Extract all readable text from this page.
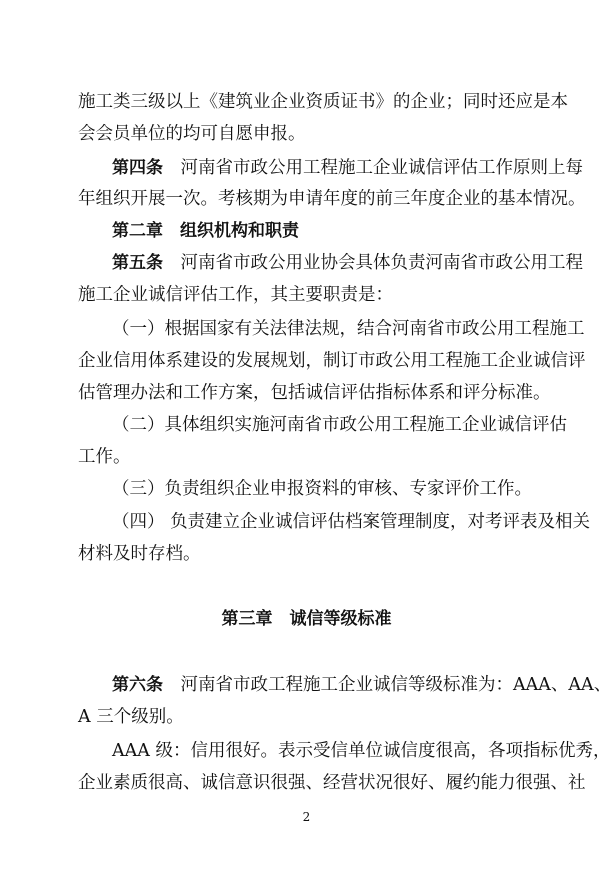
施工类三级以上《建筑业企业资质证书》的企业；同时还应是本
会会员单位的均可自愿申报。
第四条　河南省市政公用工程施工企业诚信评估工作原则上每
年组织开展一次。考核期为申请年度的前三年度企业的基本情况。
第二章　组织机构和职责
第五条　河南省市政公用业协会具体负责河南省市政公用工程
施工企业诚信评估工作，其主要职责是：
（一）根据国家有关法律法规，结合河南省市政公用工程施工
企业信用体系建设的发展规划，制订市政公用工程施工企业诚信评
估管理办法和工作方案，包括诚信评估指标体系和评分标准。
（二）具体组织实施河南省市政公用工程施工企业诚信评估
工作。
（三）负责组织企业申报资料的审核、专家评价工作。
（四） 负责建立企业诚信评估档案管理制度，对考评表及相关
材料及时存档。
第三章　诚信等级标准
第六条　河南省市政工程施工企业诚信等级标准为：AAA、AA、
A 三个级别。
AAA 级：信用很好。表示受信单位诚信度很高，各项指标优秀，
企业素质很高、诚信意识很强、经营状况很好、履约能力很强、社
2
